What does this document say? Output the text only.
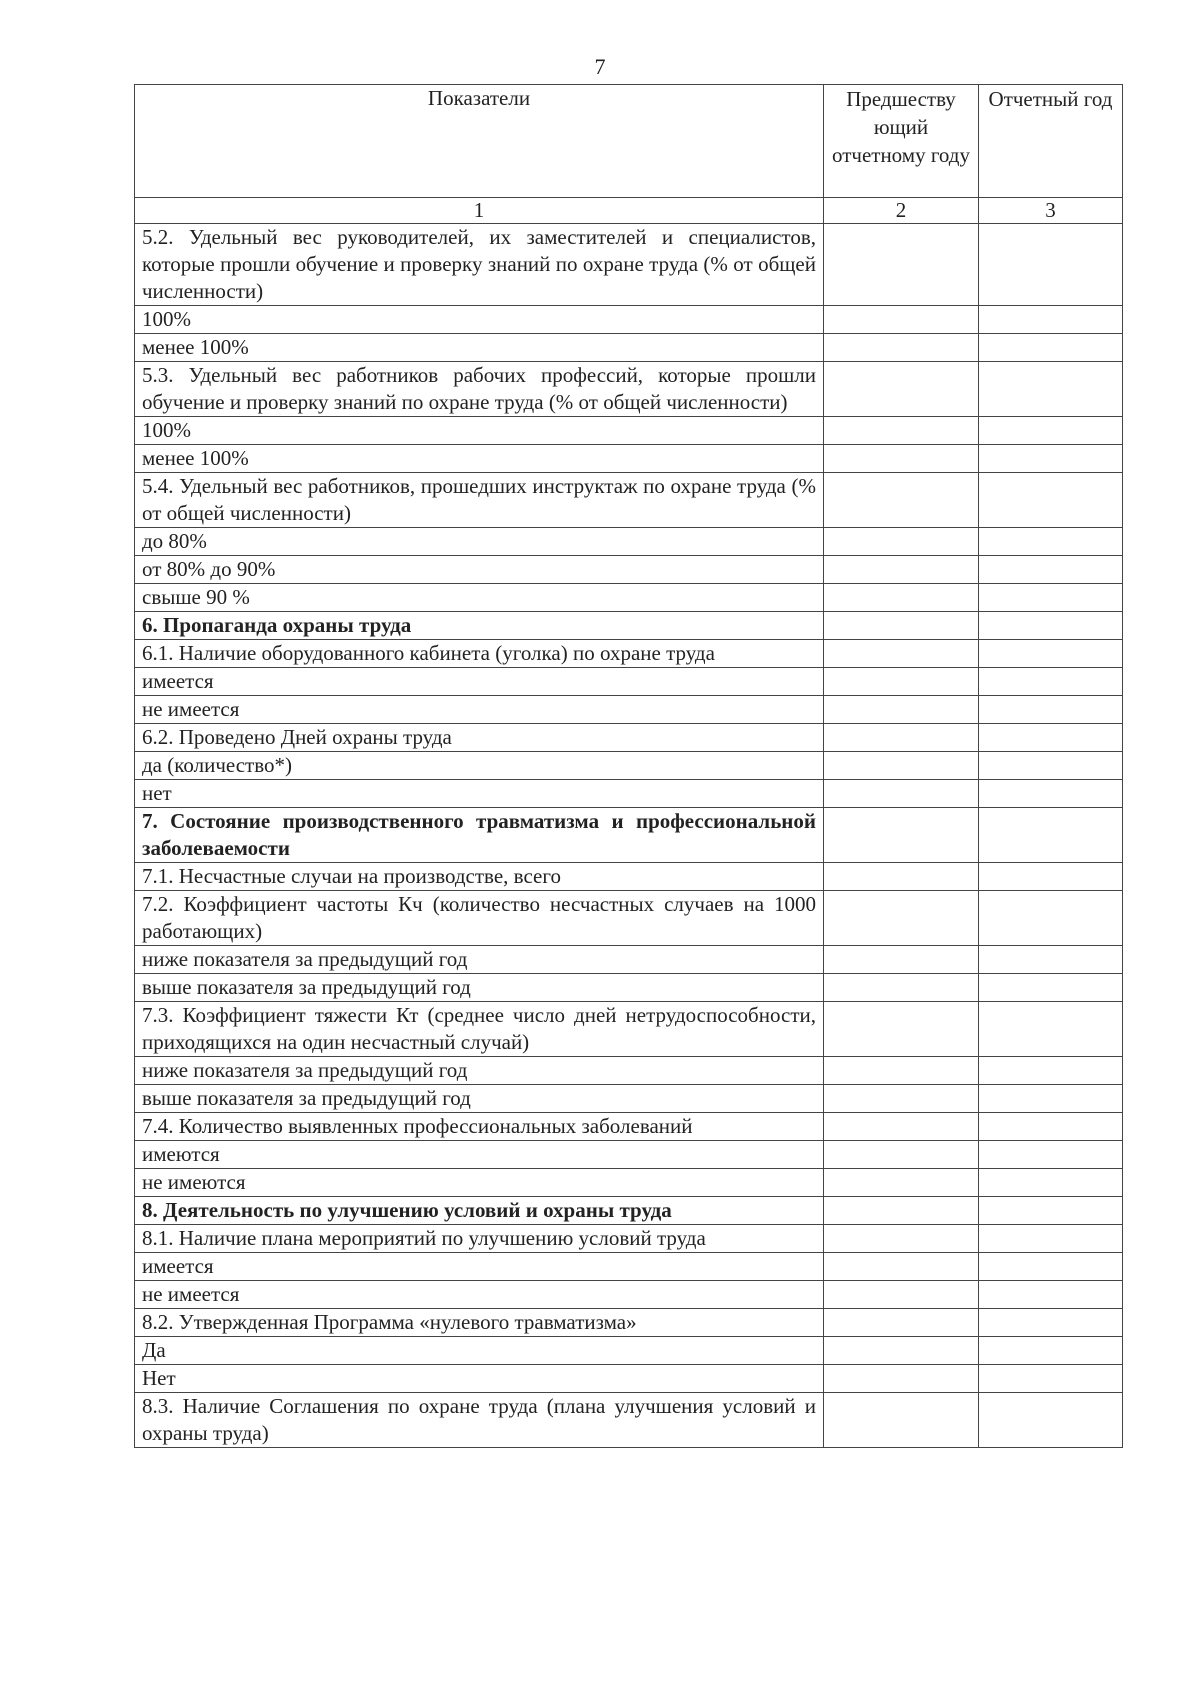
7
Показатели	Предшеству ющий отчетному году	Отчетный год
1	2	3
5.2. Удельный вес руководителей, их заместителей и специалистов, которые прошли обучение и проверку знаний по охране труда (% от общей численности)		
100%		
менее 100%		
5.3. Удельный вес работников рабочих профессий, которые прошли обучение и проверку знаний по охране труда (% от общей численности)		
100%		
менее 100%		
5.4. Удельный вес работников, прошедших инструктаж по охране труда (% от общей численности)		
до 80%		
от 80% до 90%		
свыше 90 %		
6. Пропаганда охраны труда		
6.1. Наличие оборудованного кабинета (уголка) по охране труда		
имеется		
не имеется		
6.2. Проведено Дней охраны труда		
да (количество*)		
нет		
7. Состояние производственного травматизма и профессиональной заболеваемости		
7.1. Несчастные случаи на производстве, всего		
7.2. Коэффициент частоты Кч (количество несчастных случаев на 1000 работающих)		
ниже показателя за предыдущий год		
выше показателя за предыдущий год		
7.3. Коэффициент тяжести Кт (среднее число дней нетрудоспособности, приходящихся на один несчастный случай)		
ниже показателя за предыдущий год		
выше показателя за предыдущий год		
7.4. Количество выявленных профессиональных заболеваний		
имеются		
не имеются		
8. Деятельность по улучшению условий и охраны труда		
8.1. Наличие плана мероприятий по улучшению условий труда		
имеется		
не имеется		
8.2. Утвержденная Программа «нулевого травматизма»		
Да		
Нет		
8.3. Наличие Соглашения по охране труда (плана улучшения условий и охраны труда)		
